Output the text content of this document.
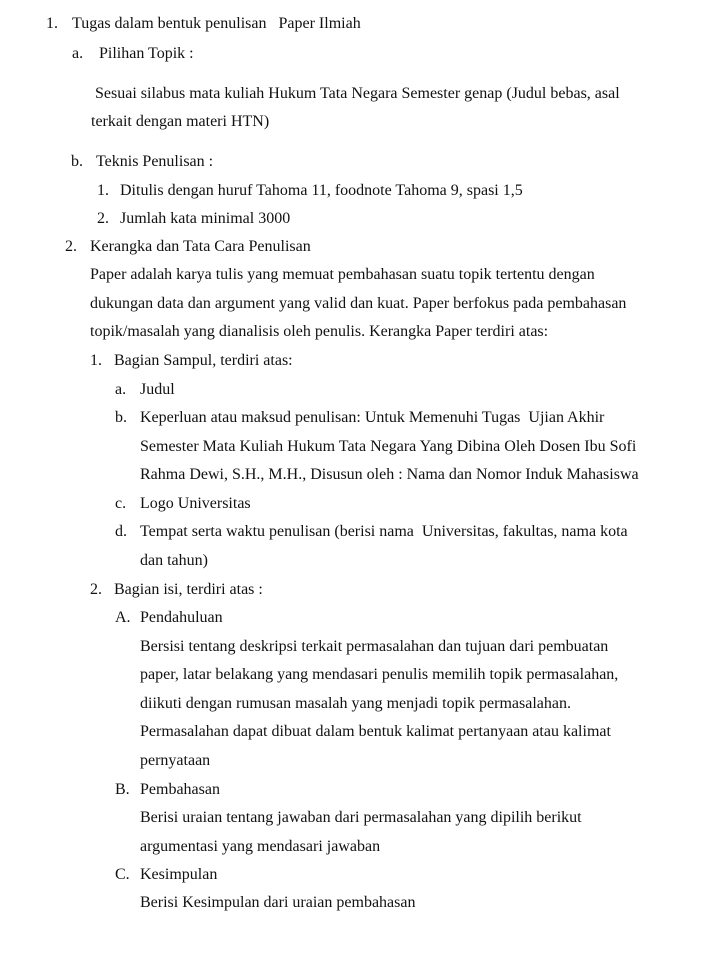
1. Tugas dalam bentuk penulisan   Paper Ilmiah
a. Pilihan Topik :
Sesuai silabus mata kuliah Hukum Tata Negara Semester genap (Judul bebas, asal
terkait dengan materi HTN)
b. Teknis Penulisan :
1. Ditulis dengan huruf Tahoma 11, foodnote Tahoma 9, spasi 1,5
2. Jumlah kata minimal 3000
2. Kerangka dan Tata Cara Penulisan
Paper adalah karya tulis yang memuat pembahasan suatu topik tertentu dengan
dukungan data dan argument yang valid dan kuat. Paper berfokus pada pembahasan
topik/masalah yang dianalisis oleh penulis. Kerangka Paper terdiri atas:
1. Bagian Sampul, terdiri atas:
a. Judul
b. Keperluan atau maksud penulisan: Untuk Memenuhi Tugas  Ujian Akhir
Semester Mata Kuliah Hukum Tata Negara Yang Dibina Oleh Dosen Ibu Sofi
Rahma Dewi, S.H., M.H., Disusun oleh : Nama dan Nomor Induk Mahasiswa
c. Logo Universitas
d. Tempat serta waktu penulisan (berisi nama  Universitas, fakultas, nama kota
dan tahun)
2. Bagian isi, terdiri atas :
A. Pendahuluan
Bersisi tentang deskripsi terkait permasalahan dan tujuan dari pembuatan
paper, latar belakang yang mendasari penulis memilih topik permasalahan,
diikuti dengan rumusan masalah yang menjadi topik permasalahan.
Permasalahan dapat dibuat dalam bentuk kalimat pertanyaan atau kalimat
pernyataan
B. Pembahasan
Berisi uraian tentang jawaban dari permasalahan yang dipilih berikut
argumentasi yang mendasari jawaban
C. Kesimpulan
Berisi Kesimpulan dari uraian pembahasan
